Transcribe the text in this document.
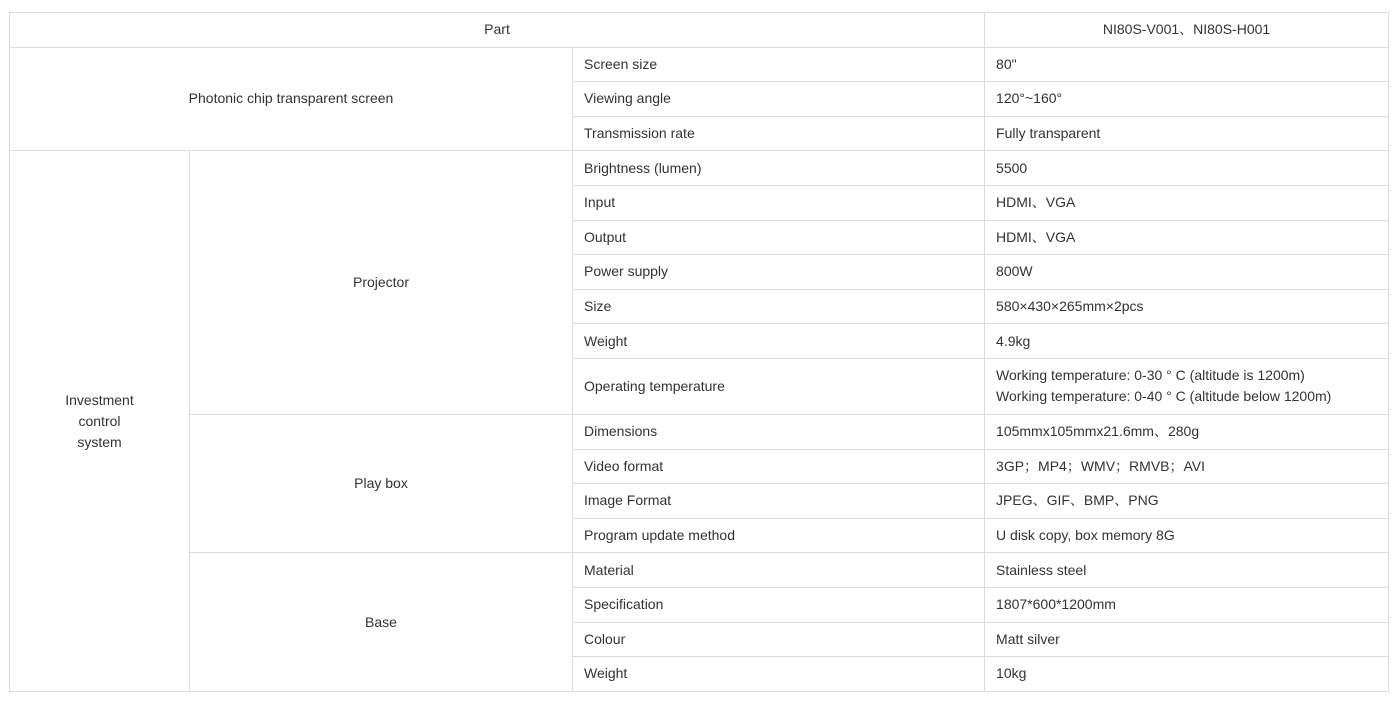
Part			NI80S-V001、NI80S-H001
Photonic chip transparent screen		Screen size	80"
		Viewing angle	120°~160°
		Transmission rate	Fully transparent

Investment
control
system	Projector	Brightness (lumen)	5500
		Input	HDMI、VGA
		Output	HDMI、VGA
		Power supply	800W
		Size	580×430×265mm×2pcs
		Weight	4.9kg
		Operating temperature	Working temperature: 0-30 ° C (altitude is 1200m)
Working temperature: 0-40 ° C (altitude below 1200m)

	Play box	Dimensions	105mmx105mmx21.6mm、280g
		Video format	3GP；MP4；WMV；RMVB；AVI
		Image Format	JPEG、GIF、BMP、PNG
		Program update method	U disk copy, box memory 8G
	Base	Material	Stainless steel
		Specification	1807*600*1200mm
		Colour	Matt silver
		Weight	10kg
